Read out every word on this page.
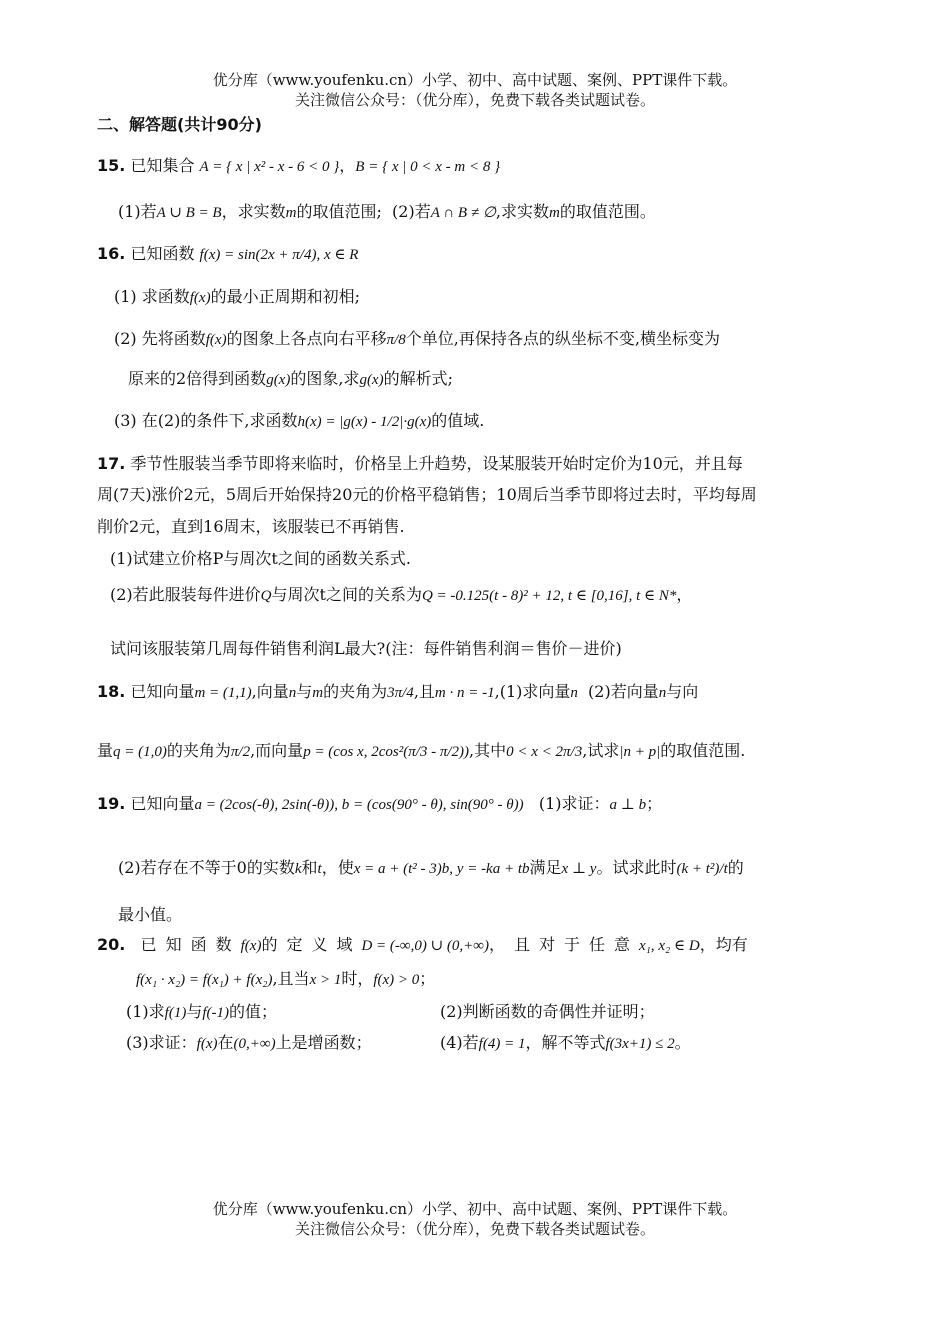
优分库（www.youfenku.cn）小学、初中、高中试题、案例、PPT课件下载。
关注微信公众号：（优分库），免费下载各类试题试卷。
二、解答题(共计90分)
15. 已知集合 A = { x | x² - x - 6 < 0 }，B = { x | 0 < x - m < 8 }
(1)若A ∪ B = B，求实数m的取值范围; (2)若A ∩ B ≠ ∅,求实数m的取值范围。
16. 已知函数 f(x) = sin(2x + π/4), x ∈ R
(1) 求函数f(x)的最小正周期和初相;
(2) 先将函数f(x)的图象上各点向右平移π/8个单位,再保持各点的纵坐标不变,横坐标变为
原来的2倍得到函数g(x)的图象,求g(x)的解析式;
(3) 在(2)的条件下,求函数h(x) = |g(x) - 1/2|·g(x)的值域.
17. 季节性服装当季节即将来临时，价格呈上升趋势，设某服装开始时定价为10元，并且每
周(7天)涨价2元，5周后开始保持20元的价格平稳销售；10周后当季节即将过去时，平均每周
削价2元，直到16周末，该服装已不再销售.
(1)试建立价格P与周次t之间的函数关系式.
(2)若此服装每件进价Q与周次t之间的关系为Q = -0.125(t - 8)² + 12, t ∈ [0,16], t ∈ N*，
试问该服装第几周每件销售利润L最大?(注：每件销售利润＝售价－进价)
18. 已知向量m = (1,1),向量n与m的夹角为3π/4,且m · n = -1,(1)求向量n (2)若向量n与向
量q = (1,0)的夹角为π/2,而向量p = (cos x, 2cos²(π/3 - π/2)),其中0 < x < 2π/3,试求|n + p|的取值范围.
19. 已知向量a = (2cos(-θ), 2sin(-θ)), b = (cos(90° - θ), sin(90° - θ)) (1)求证：a ⊥ b；
(2)若存在不等于0的实数k和t，使x = a + (t² - 3)b, y = -ka + tb满足x ⊥ y。试求此时(k + t²)/t的
最小值。
20. 已知函数f(x)的定义域D = (-∞,0) ∪ (0,+∞)，且对于任意x₁, x₂ ∈ D，均有
f(x₁ · x₂) = f(x₁) + f(x₂),且当x > 1时，f(x) > 0；
(1)求f(1)与f(-1)的值；	(2)判断函数的奇偶性并证明；
(3)求证：f(x)在(0,+∞)上是增函数；	(4)若f(4) = 1，解不等式f(3x+1) ≤ 2。
优分库（www.youfenku.cn）小学、初中、高中试题、案例、PPT课件下载。
关注微信公众号：（优分库），免费下载各类试题试卷。
